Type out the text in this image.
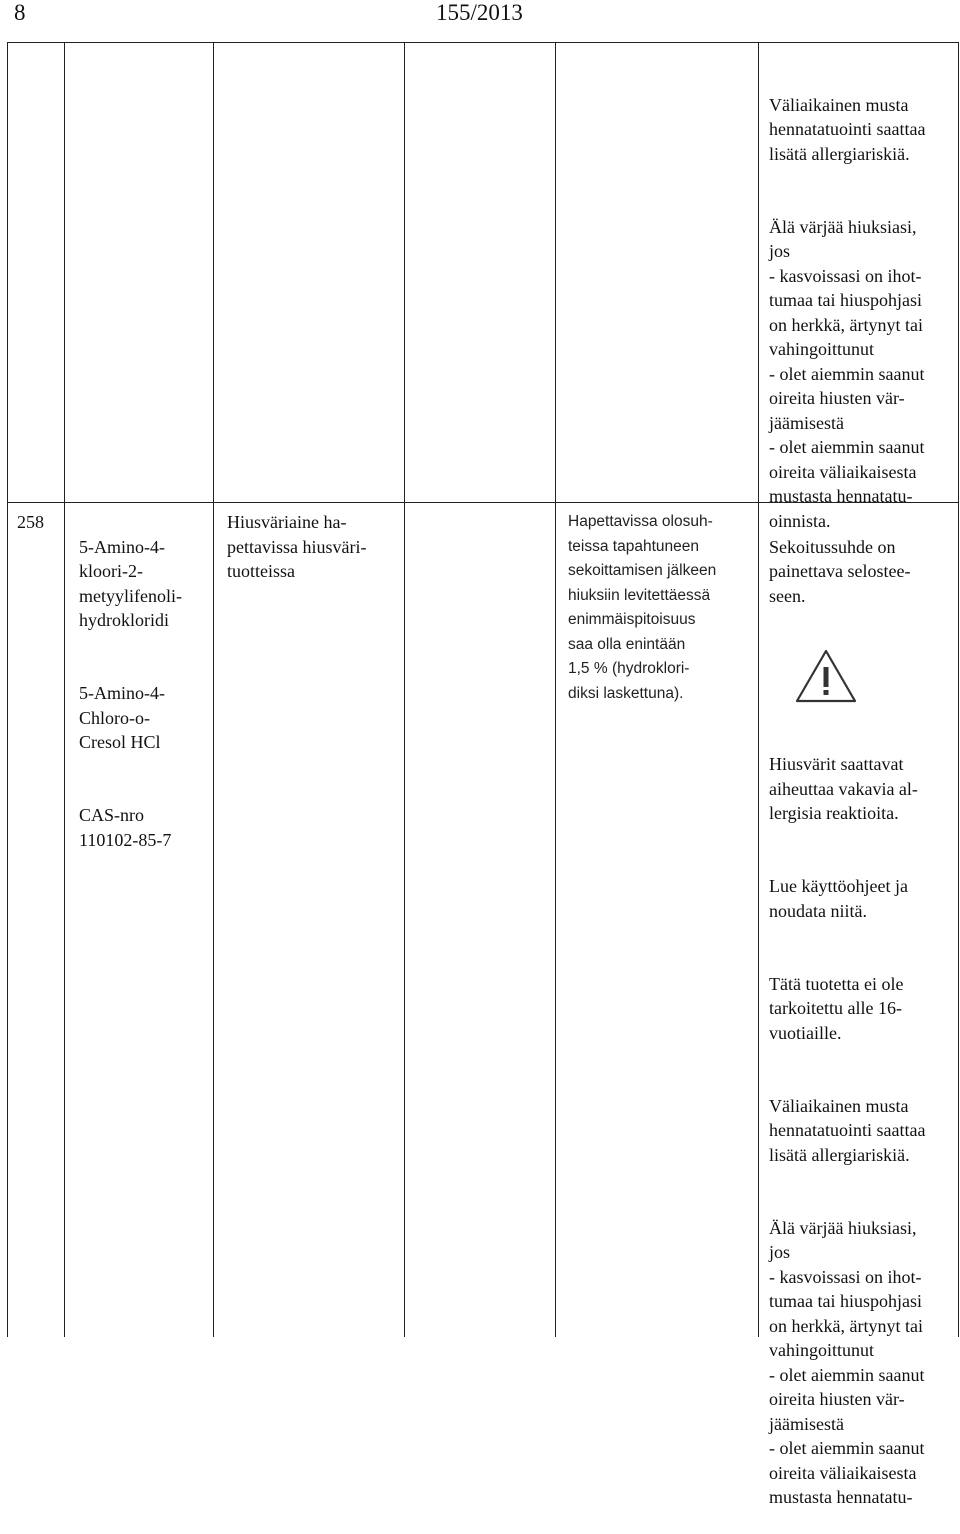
8	155/2013

Väliaikainen musta
hennatatuointi saattaa
lisätä allergiariskiä.

Älä värjää hiuksiasi,
jos
- kasvoissasi on ihot-
tumaa tai hiuspohjasi
on herkkä, ärtynyt tai
vahingoittunut
- olet aiemmin saanut
oireita hiusten vär-
jäämisestä
- olet aiemmin saanut
oireita väliaikaisesta
mustasta hennatatu-
oinnista.

258

5-Amino-4-
kloori-2-
metyylifenoli-
hydrokloridi

5-Amino-4-
Chloro-o-
Cresol HCl

CAS-nro
110102-85-7

Hiusväriaine ha-
pettavissa hiusväri-
tuotteissa
Hapettavissa olosuh-
teissa tapahtuneen
sekoittamisen jälkeen
hiuksiin levitettäessä
enimmäispitoisuus
saa olla enintään
1,5 % (hydroklori-
diksi laskettuna).

Sekoitussuhde on
painettava selostee-
seen.

Hiusvärit saattavat
aiheuttaa vakavia al-
lergisia reaktioita.

Lue käyttöohjeet ja
noudata niitä.

Tätä tuotetta ei ole
tarkoitettu alle 16-
vuotiaille.

Väliaikainen musta
hennatatuointi saattaa
lisätä allergiariskiä.

Älä värjää hiuksiasi,
jos
- kasvoissasi on ihot-
tumaa tai hiuspohjasi
on herkkä, ärtynyt tai
vahingoittunut
- olet aiemmin saanut
oireita hiusten vär-
jäämisestä
- olet aiemmin saanut
oireita väliaikaisesta
mustasta hennatatu-
